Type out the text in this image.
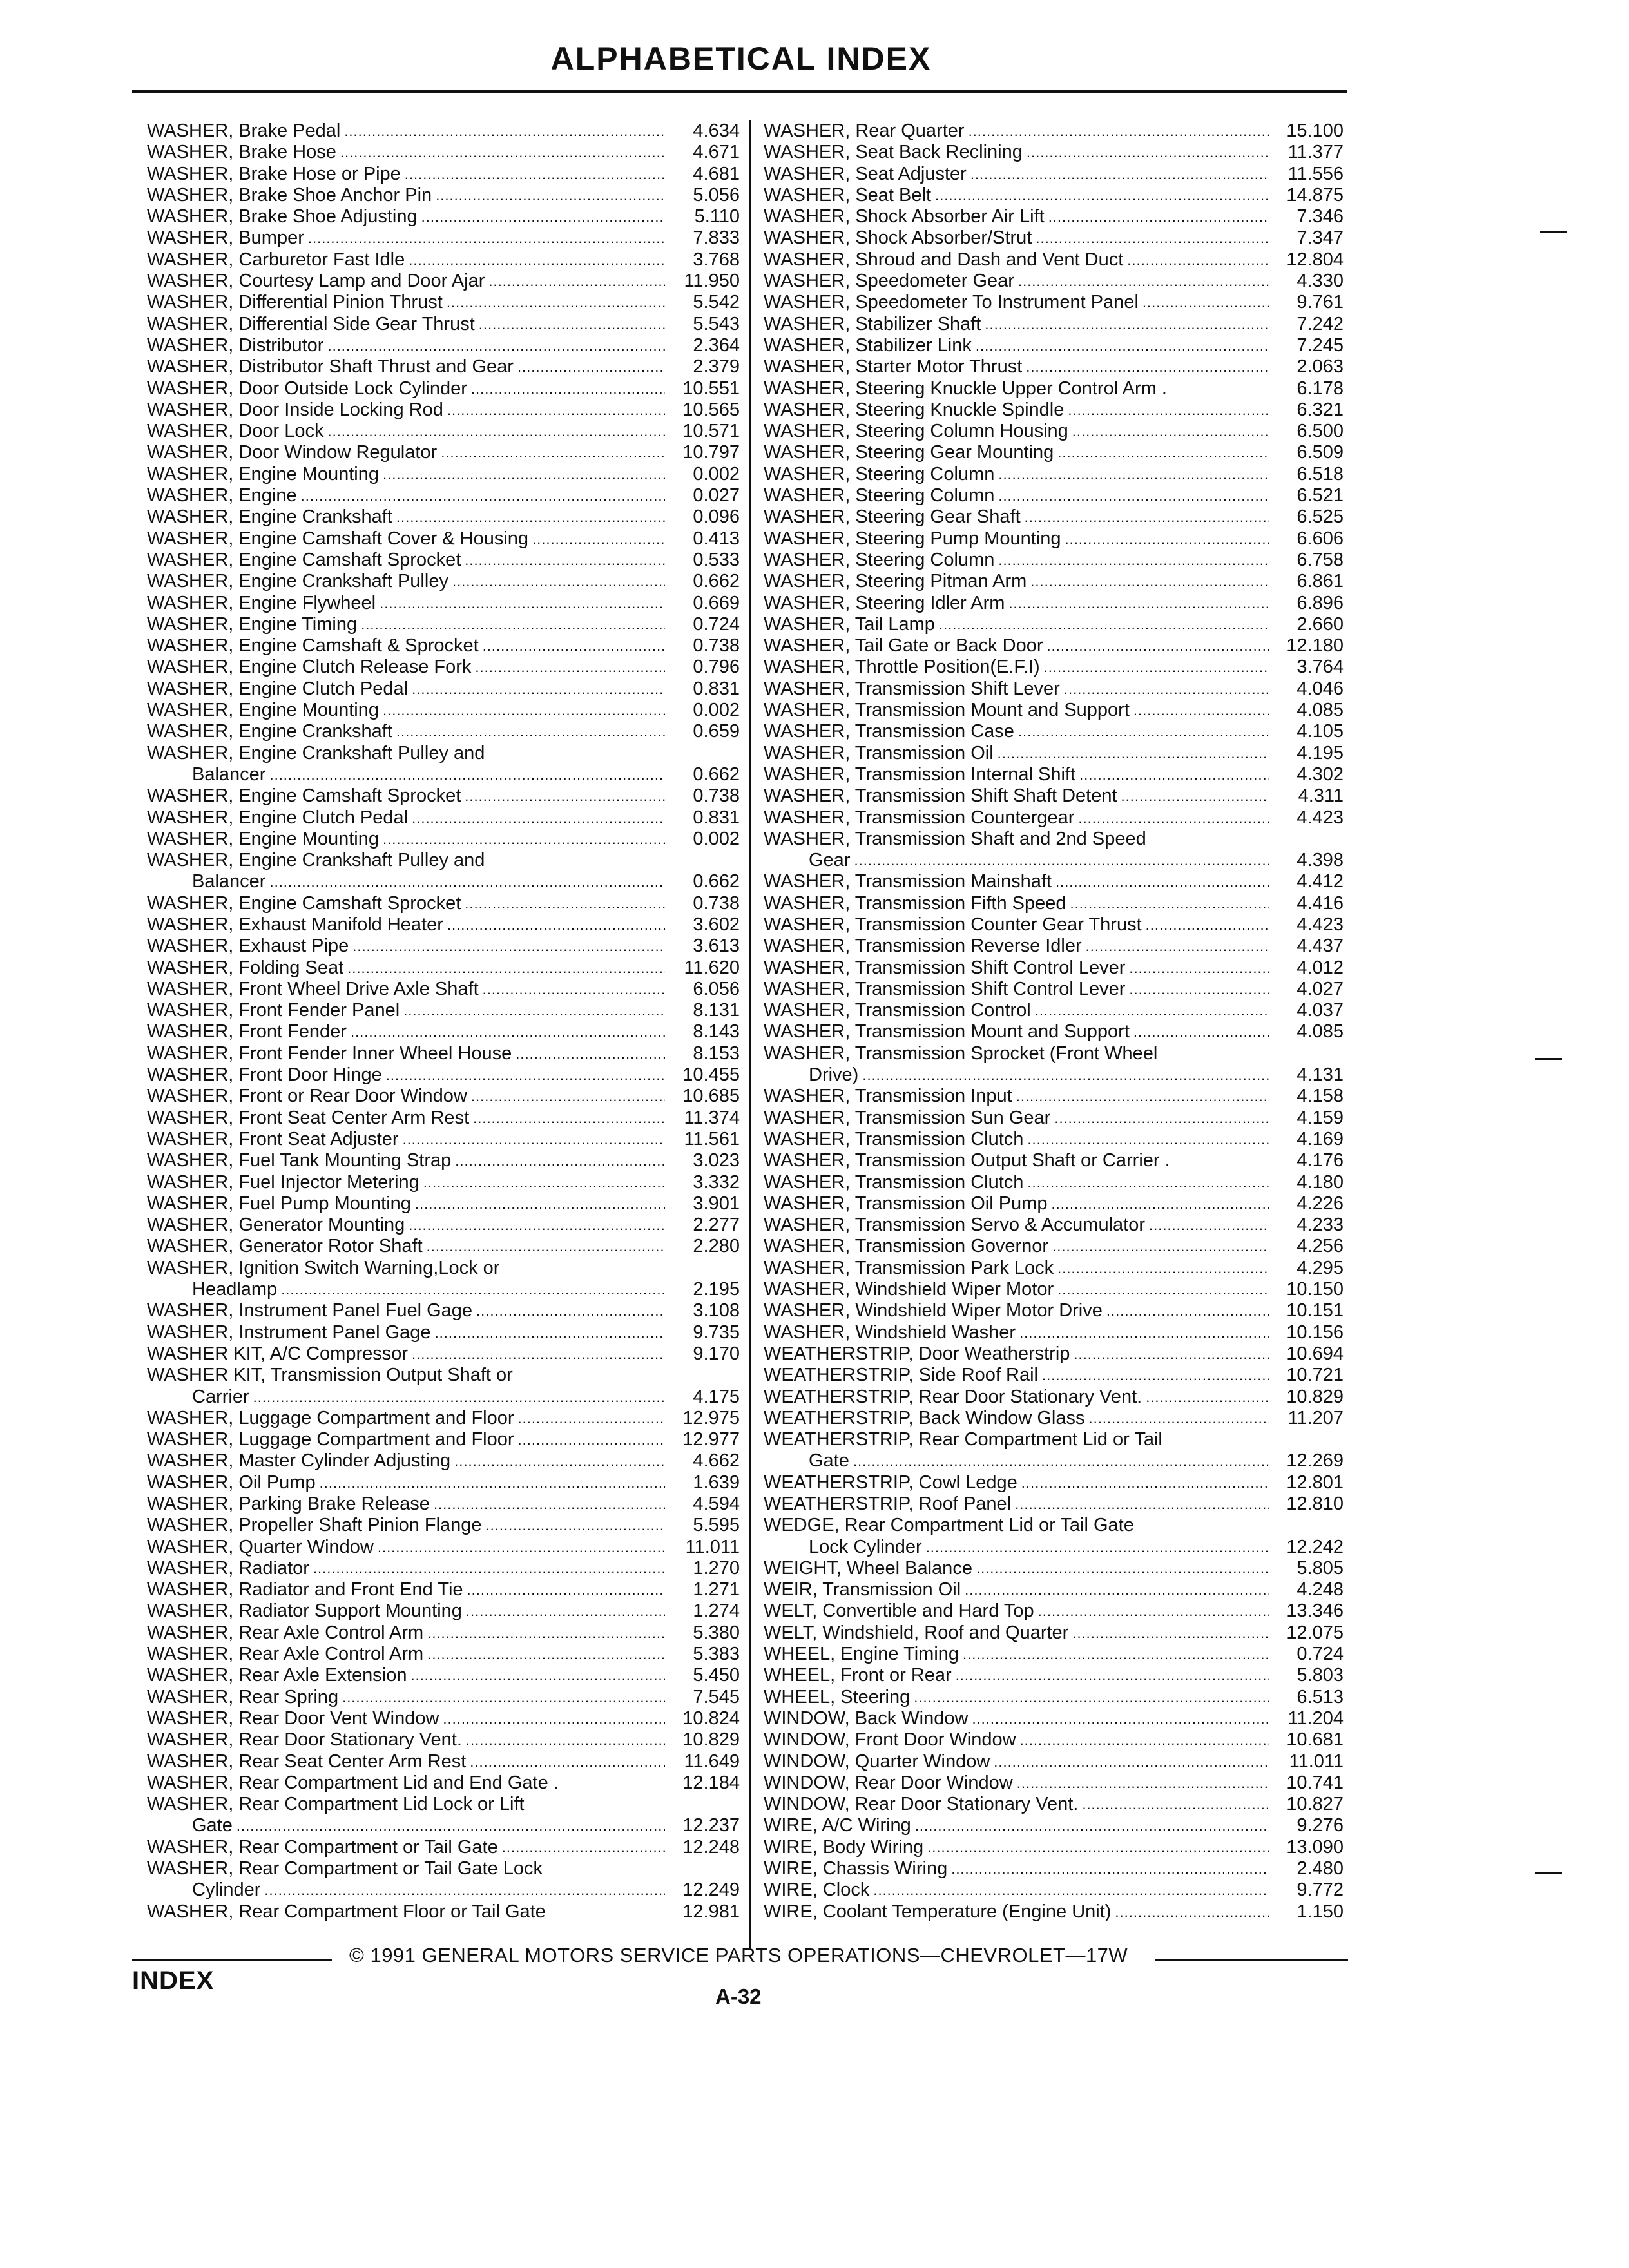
ALPHABETICAL INDEX
WASHER, Brake Pedal .....	4.634
WASHER, Brake Hose .....	4.671
WASHER, Brake Hose or Pipe .....	4.681
WASHER, Brake Shoe Anchor Pin .....	5.056
WASHER, Brake Shoe Adjusting .....	5.110
WASHER, Bumper .....	7.833
WASHER, Carburetor Fast Idle .....	3.768
WASHER, Courtesy Lamp and Door Ajar .....	11.950
WASHER, Differential Pinion Thrust .....	5.542
WASHER, Differential Side Gear Thrust .....	5.543
WASHER, Distributor .....	2.364
WASHER, Distributor Shaft Thrust and Gear .....	2.379
WASHER, Door Outside Lock Cylinder .....	10.551
WASHER, Door Inside Locking Rod .....	10.565
WASHER, Door Lock .....	10.571
WASHER, Door Window Regulator .....	10.797
WASHER, Engine Mounting .....	0.002
WASHER, Engine .....	0.027
WASHER, Engine Crankshaft .....	0.096
WASHER, Engine Camshaft Cover & Housing .....	0.413
WASHER, Engine Camshaft Sprocket .....	0.533
WASHER, Engine Crankshaft Pulley .....	0.662
WASHER, Engine Flywheel .....	0.669
WASHER, Engine Timing .....	0.724
WASHER, Engine Camshaft & Sprocket .....	0.738
WASHER, Engine Clutch Release Fork .....	0.796
WASHER, Engine Clutch Pedal .....	0.831
WASHER, Engine Mounting .....	0.002
WASHER, Engine Crankshaft .....	0.659
WASHER, Engine Crankshaft Pulley and
Balancer .....	0.662
WASHER, Engine Camshaft Sprocket .....	0.738
WASHER, Engine Clutch Pedal .....	0.831
WASHER, Engine Mounting .....	0.002
WASHER, Engine Crankshaft Pulley and
Balancer .....	0.662
WASHER, Engine Camshaft Sprocket .....	0.738
WASHER, Exhaust Manifold Heater .....	3.602
WASHER, Exhaust Pipe .....	3.613
WASHER, Folding Seat .....	11.620
WASHER, Front Wheel Drive Axle Shaft .....	6.056
WASHER, Front Fender Panel .....	8.131
WASHER, Front Fender .....	8.143
WASHER, Front Fender Inner Wheel House .....	8.153
WASHER, Front Door Hinge .....	10.455
WASHER, Front or Rear Door Window .....	10.685
WASHER, Front Seat Center Arm Rest .....	11.374
WASHER, Front Seat Adjuster .....	11.561
WASHER, Fuel Tank Mounting Strap .....	3.023
WASHER, Fuel Injector Metering .....	3.332
WASHER, Fuel Pump Mounting .....	3.901
WASHER, Generator Mounting .....	2.277
WASHER, Generator Rotor Shaft .....	2.280
WASHER, Ignition Switch Warning,Lock or
Headlamp .....	2.195
WASHER, Instrument Panel Fuel Gage .....	3.108
WASHER, Instrument Panel Gage .....	9.735
WASHER KIT, A/C Compressor .....	9.170
WASHER KIT, Transmission Output Shaft or
Carrier .....	4.175
WASHER, Luggage Compartment and Floor .....	12.975
WASHER, Luggage Compartment and Floor .....	12.977
WASHER, Master Cylinder Adjusting .....	4.662
WASHER, Oil Pump .....	1.639
WASHER, Parking Brake Release .....	4.594
WASHER, Propeller Shaft Pinion Flange .....	5.595
WASHER, Quarter Window .....	11.011
WASHER, Radiator .....	1.270
WASHER, Radiator and Front End Tie .....	1.271
WASHER, Radiator Support Mounting .....	1.274
WASHER, Rear Axle Control Arm .....	5.380
WASHER, Rear Axle Control Arm .....	5.383
WASHER, Rear Axle Extension .....	5.450
WASHER, Rear Spring .....	7.545
WASHER, Rear Door Vent Window .....	10.824
WASHER, Rear Door Stationary Vent. .....	10.829
WASHER, Rear Seat Center Arm Rest .....	11.649
WASHER, Rear Compartment Lid and End Gate .	12.184
WASHER, Rear Compartment Lid Lock or Lift
Gate .....	12.237
WASHER, Rear Compartment or Tail Gate .....	12.248
WASHER, Rear Compartment or Tail Gate Lock
Cylinder .....	12.249
WASHER, Rear Compartment Floor or Tail Gate	12.981
WASHER, Rear Quarter .....	15.100
WASHER, Seat Back Reclining .....	11.377
WASHER, Seat Adjuster .....	11.556
WASHER, Seat Belt .....	14.875
WASHER, Shock Absorber Air Lift .....	7.346
WASHER, Shock Absorber/Strut .....	7.347
WASHER, Shroud and Dash and Vent Duct .....	12.804
WASHER, Speedometer Gear .....	4.330
WASHER, Speedometer To Instrument Panel .....	9.761
WASHER, Stabilizer Shaft .....	7.242
WASHER, Stabilizer Link .....	7.245
WASHER, Starter Motor Thrust .....	2.063
WASHER, Steering Knuckle Upper Control Arm .	6.178
WASHER, Steering Knuckle Spindle .....	6.321
WASHER, Steering Column Housing .....	6.500
WASHER, Steering Gear Mounting .....	6.509
WASHER, Steering Column .....	6.518
WASHER, Steering Column .....	6.521
WASHER, Steering Gear Shaft .....	6.525
WASHER, Steering Pump Mounting .....	6.606
WASHER, Steering Column .....	6.758
WASHER, Steering Pitman Arm .....	6.861
WASHER, Steering Idler Arm .....	6.896
WASHER, Tail Lamp .....	2.660
WASHER, Tail Gate or Back Door .....	12.180
WASHER, Throttle Position(E.F.I) .....	3.764
WASHER, Transmission Shift Lever .....	4.046
WASHER, Transmission Mount and Support .....	4.085
WASHER, Transmission Case .....	4.105
WASHER, Transmission Oil .....	4.195
WASHER, Transmission Internal Shift .....	4.302
WASHER, Transmission Shift Shaft Detent .....	4.311
WASHER, Transmission Countergear .....	4.423
WASHER, Transmission Shaft and 2nd Speed
Gear .....	4.398
WASHER, Transmission Mainshaft .....	4.412
WASHER, Transmission Fifth Speed .....	4.416
WASHER, Transmission Counter Gear Thrust .....	4.423
WASHER, Transmission Reverse Idler .....	4.437
WASHER, Transmission Shift Control Lever .....	4.012
WASHER, Transmission Shift Control Lever .....	4.027
WASHER, Transmission Control .....	4.037
WASHER, Transmission Mount and Support .....	4.085
WASHER, Transmission Sprocket (Front Wheel
Drive) .....	4.131
WASHER, Transmission Input .....	4.158
WASHER, Transmission Sun Gear .....	4.159
WASHER, Transmission Clutch .....	4.169
WASHER, Transmission Output Shaft or Carrier .	4.176
WASHER, Transmission Clutch .....	4.180
WASHER, Transmission Oil Pump .....	4.226
WASHER, Transmission Servo & Accumulator .....	4.233
WASHER, Transmission Governor .....	4.256
WASHER, Transmission Park Lock .....	4.295
WASHER, Windshield Wiper Motor .....	10.150
WASHER, Windshield Wiper Motor Drive .....	10.151
WASHER, Windshield Washer .....	10.156
WEATHERSTRIP, Door Weatherstrip .....	10.694
WEATHERSTRIP, Side Roof Rail .....	10.721
WEATHERSTRIP, Rear Door Stationary Vent. .....	10.829
WEATHERSTRIP, Back Window Glass .....	11.207
WEATHERSTRIP, Rear Compartment Lid or Tail
Gate .....	12.269
WEATHERSTRIP, Cowl Ledge .....	12.801
WEATHERSTRIP, Roof Panel .....	12.810
WEDGE, Rear Compartment Lid or Tail Gate
Lock Cylinder .....	12.242
WEIGHT, Wheel Balance .....	5.805
WEIR, Transmission Oil .....	4.248
WELT, Convertible and Hard Top .....	13.346
WELT, Windshield, Roof and Quarter .....	12.075
WHEEL, Engine Timing .....	0.724
WHEEL, Front or Rear .....	5.803
WHEEL, Steering .....	6.513
WINDOW, Back Window .....	11.204
WINDOW, Front Door Window .....	10.681
WINDOW, Quarter Window .....	11.011
WINDOW, Rear Door Window .....	10.741
WINDOW, Rear Door Stationary Vent. .....	10.827
WIRE, A/C Wiring .....	9.276
WIRE, Body Wiring .....	13.090
WIRE, Chassis Wiring .....	2.480
WIRE, Clock .....	9.772
WIRE, Coolant Temperature (Engine Unit) .....	1.150
© 1991 GENERAL MOTORS SERVICE PARTS OPERATIONS—CHEVROLET—17W
INDEX
A-32
